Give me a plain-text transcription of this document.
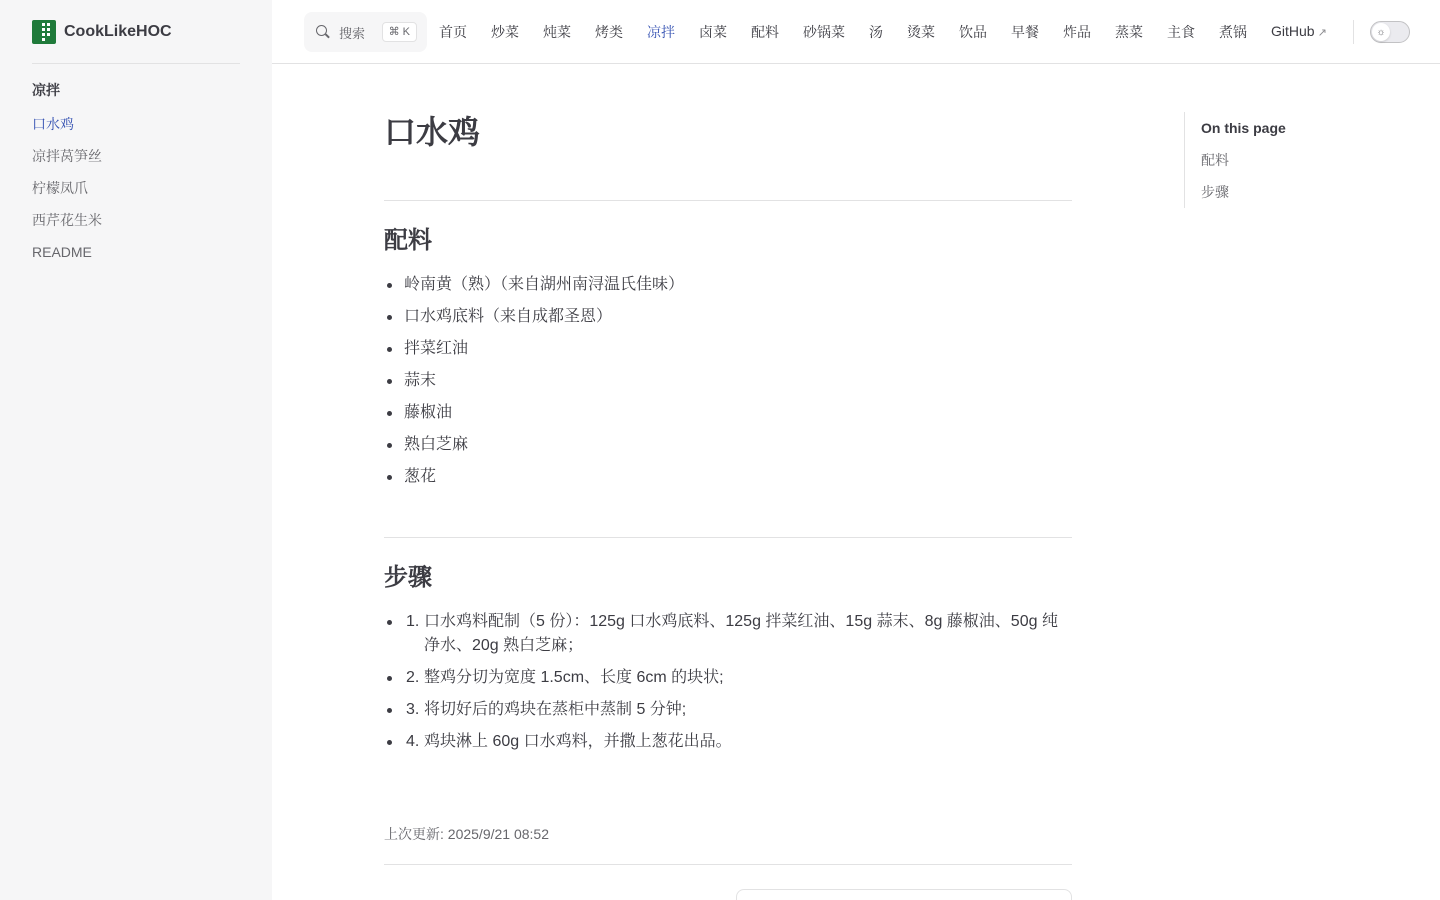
CookLikeHOC
凉拌
口水鸡
凉拌莴笋丝
柠檬凤爪
西芹花生米
README
搜索	⌘ K	首页	炒菜	炖菜	烤类	凉拌	卤菜	配料	砂锅菜	汤	烫菜	饮品	早餐	炸品	蒸菜	主食	煮锅	GitHub ↗	☼
口水鸡
配料
岭南黄（熟）（来自湖州南浔温氏佳味）
口水鸡底料（来自成都圣恩）
拌菜红油
蒜末
藤椒油
熟白芝麻
葱花
步骤
1. 口水鸡料配制（5 份）：125g 口水鸡底料、125g 拌菜红油、15g 蒜末、8g 藤椒油、50g 纯净水、20g 熟白芝麻；
2. 整鸡分切为宽度 1.5cm、长度 6cm 的块状;
3. 将切好后的鸡块在蒸柜中蒸制 5 分钟;
4. 鸡块淋上 60g 口水鸡料，并撒上葱花出品。
上次更新: 2025/9/21 08:52
On this page
配料
步骤
